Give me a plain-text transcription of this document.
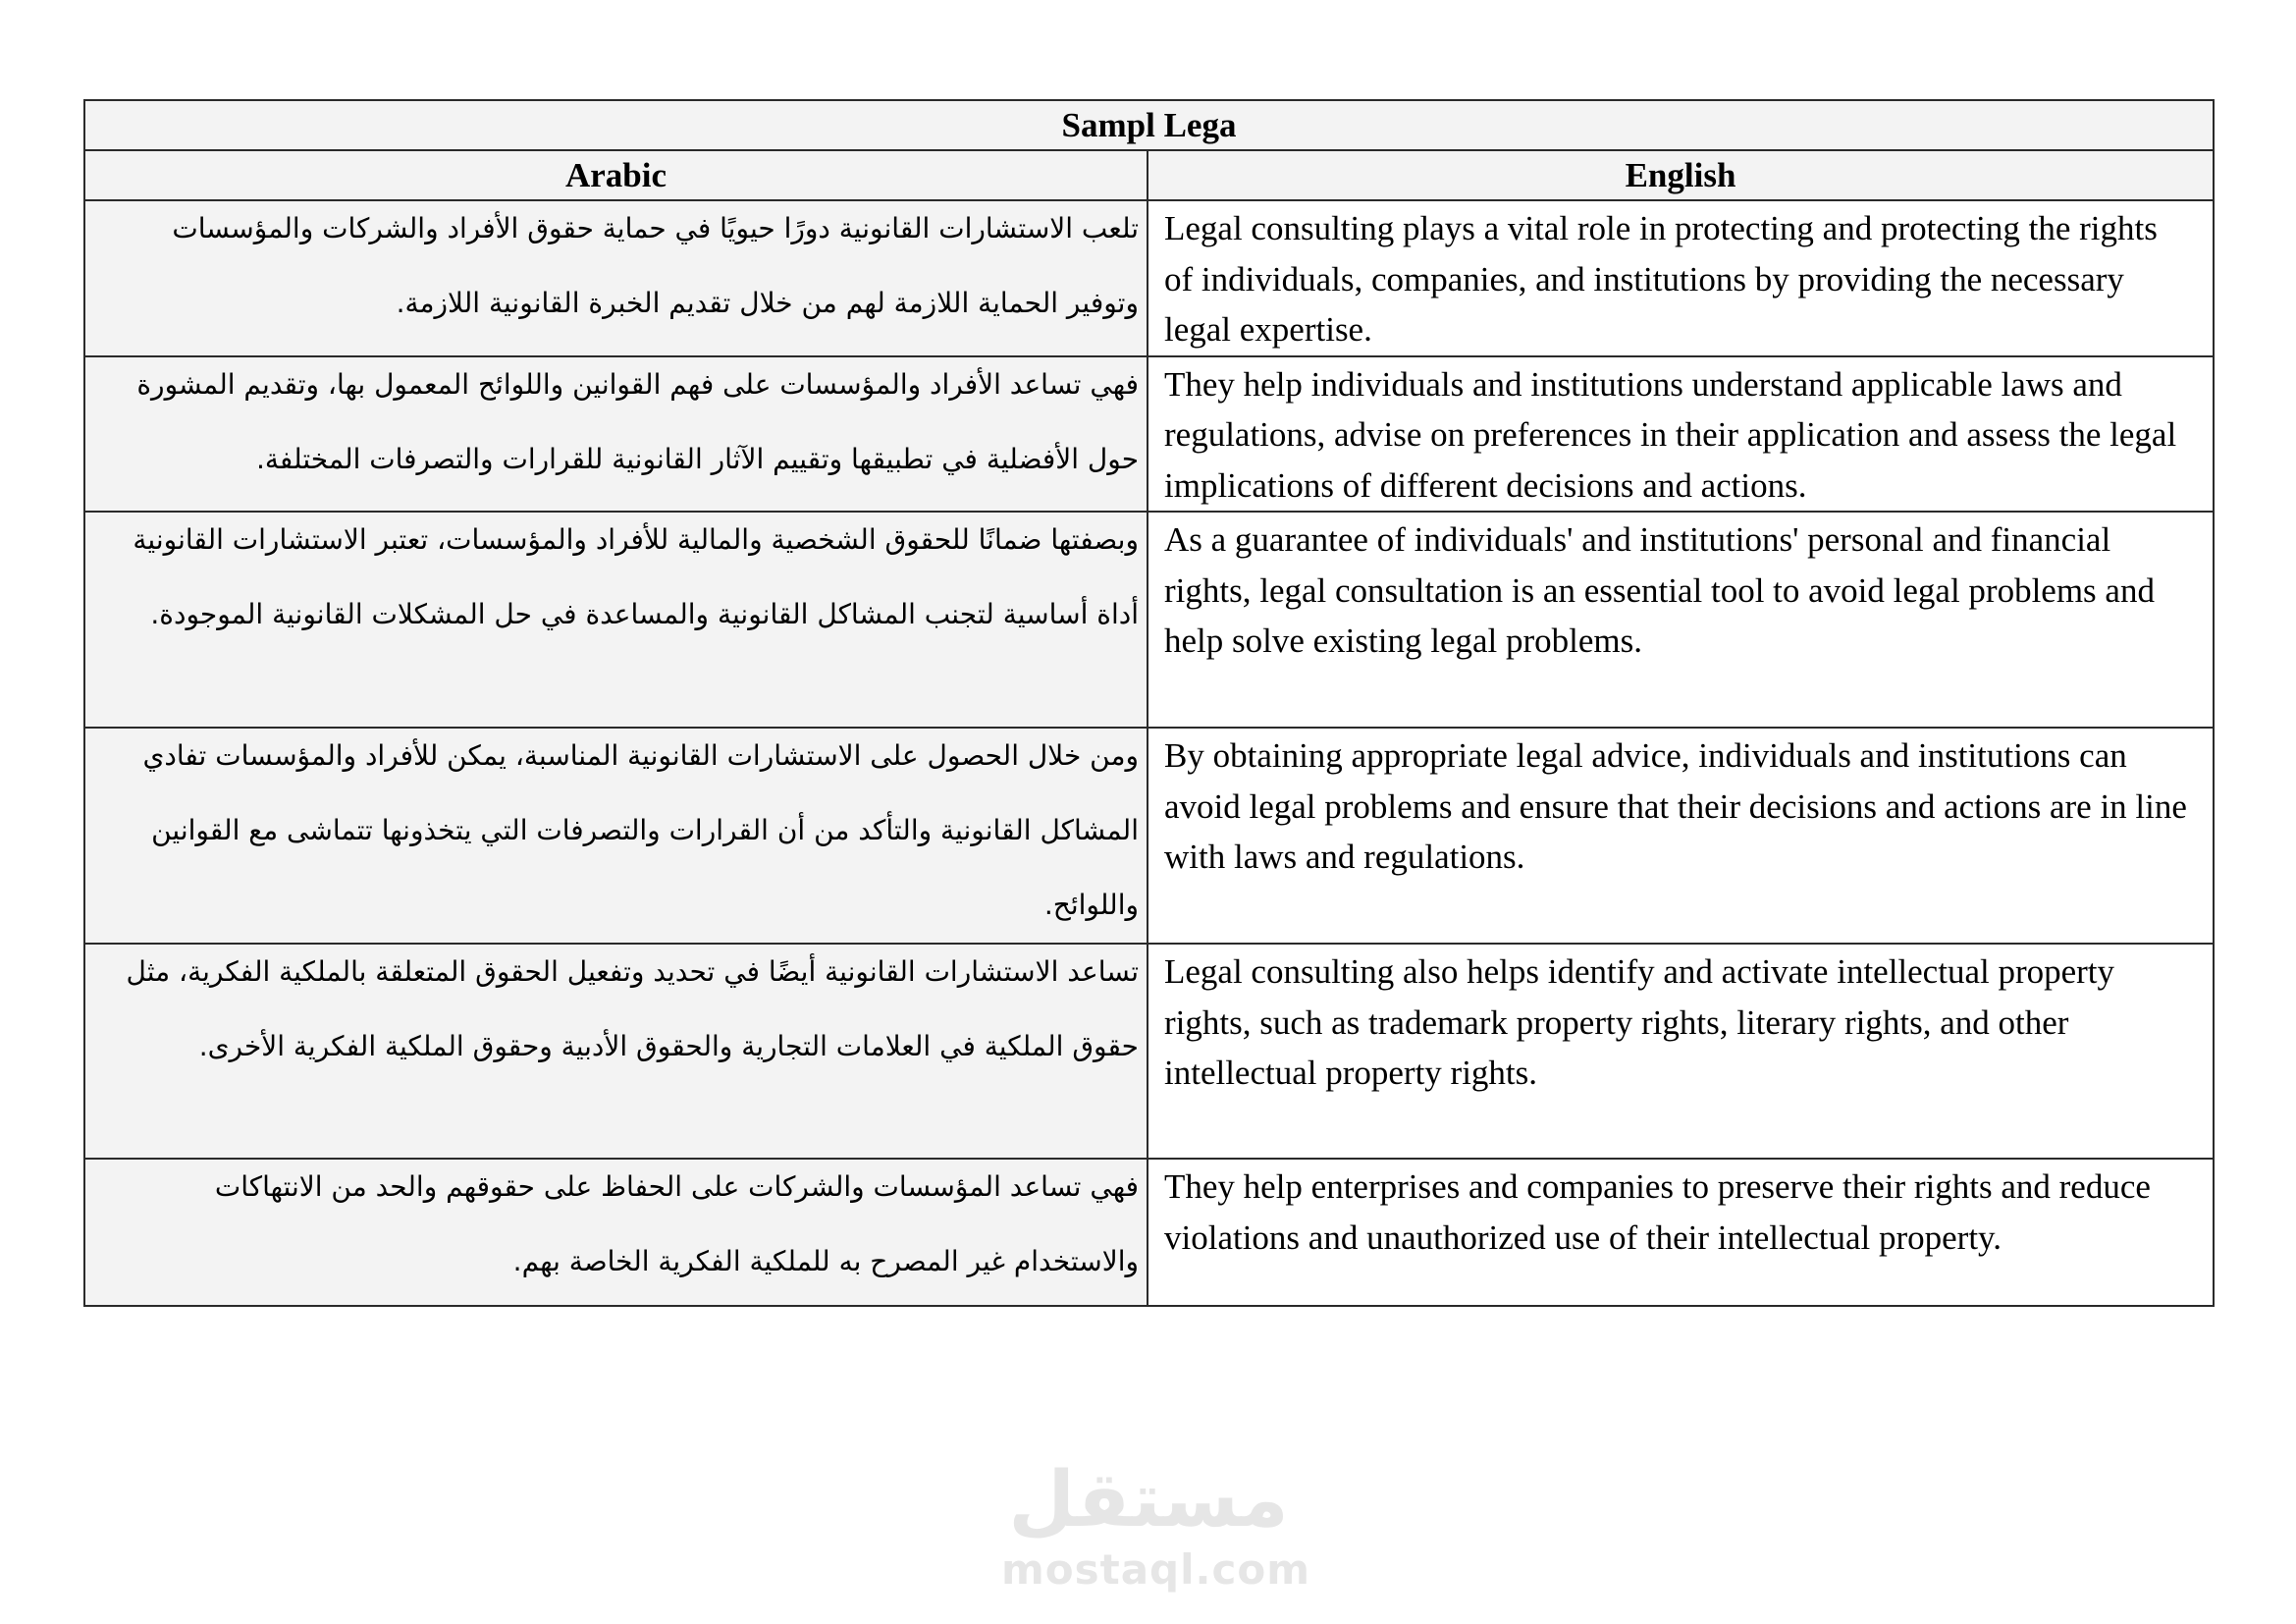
Sampl Lega	
Arabic	English

تلعب الاستشارات القانونية دورًا حيويًا في حماية حقوق الأفراد والشركات والمؤسسات وتوفير الحماية اللازمة لهم من خلال تقديم الخبرة القانونية اللازمة.	Legal consulting plays a vital role in protecting and protecting the rights of individuals, companies, and institutions by providing the necessary legal expertise.

فهي تساعد الأفراد والمؤسسات على فهم القوانين واللوائح المعمول بها، وتقديم المشورة حول الأفضلية في تطبيقها وتقييم الآثار القانونية للقرارات والتصرفات المختلفة.	They help individuals and institutions understand applicable laws and regulations, advise on preferences in their application and assess the legal implications of different decisions and actions.

وبصفتها ضمانًا للحقوق الشخصية والمالية للأفراد والمؤسسات، تعتبر الاستشارات القانونية أداة أساسية لتجنب المشاكل القانونية والمساعدة في حل المشكلات القانونية الموجودة.	As a guarantee of individuals' and institutions' personal and financial rights, legal consultation is an essential tool to avoid legal problems and help solve existing legal problems.

ومن خلال الحصول على الاستشارات القانونية المناسبة، يمكن للأفراد والمؤسسات تفادي المشاكل القانونية والتأكد من أن القرارات والتصرفات التي يتخذونها تتماشى مع القوانين واللوائح.	By obtaining appropriate legal advice, individuals and institutions can avoid legal problems and ensure that their decisions and actions are in line with laws and regulations.

تساعد الاستشارات القانونية أيضًا في تحديد وتفعيل الحقوق المتعلقة بالملكية الفكرية، مثل حقوق الملكية في العلامات التجارية والحقوق الأدبية وحقوق الملكية الفكرية الأخرى.	Legal consulting also helps identify and activate intellectual property rights, such as trademark property rights, literary rights, and other intellectual property rights.

فهي تساعد المؤسسات والشركات على الحفاظ على حقوقهم والحد من الانتهاكات والاستخدام غير المصرح به للملكية الفكرية الخاصة بهم.	They help enterprises and companies to preserve their rights and reduce violations and unauthorized use of their intellectual property.
مستقل
mostaql.com
